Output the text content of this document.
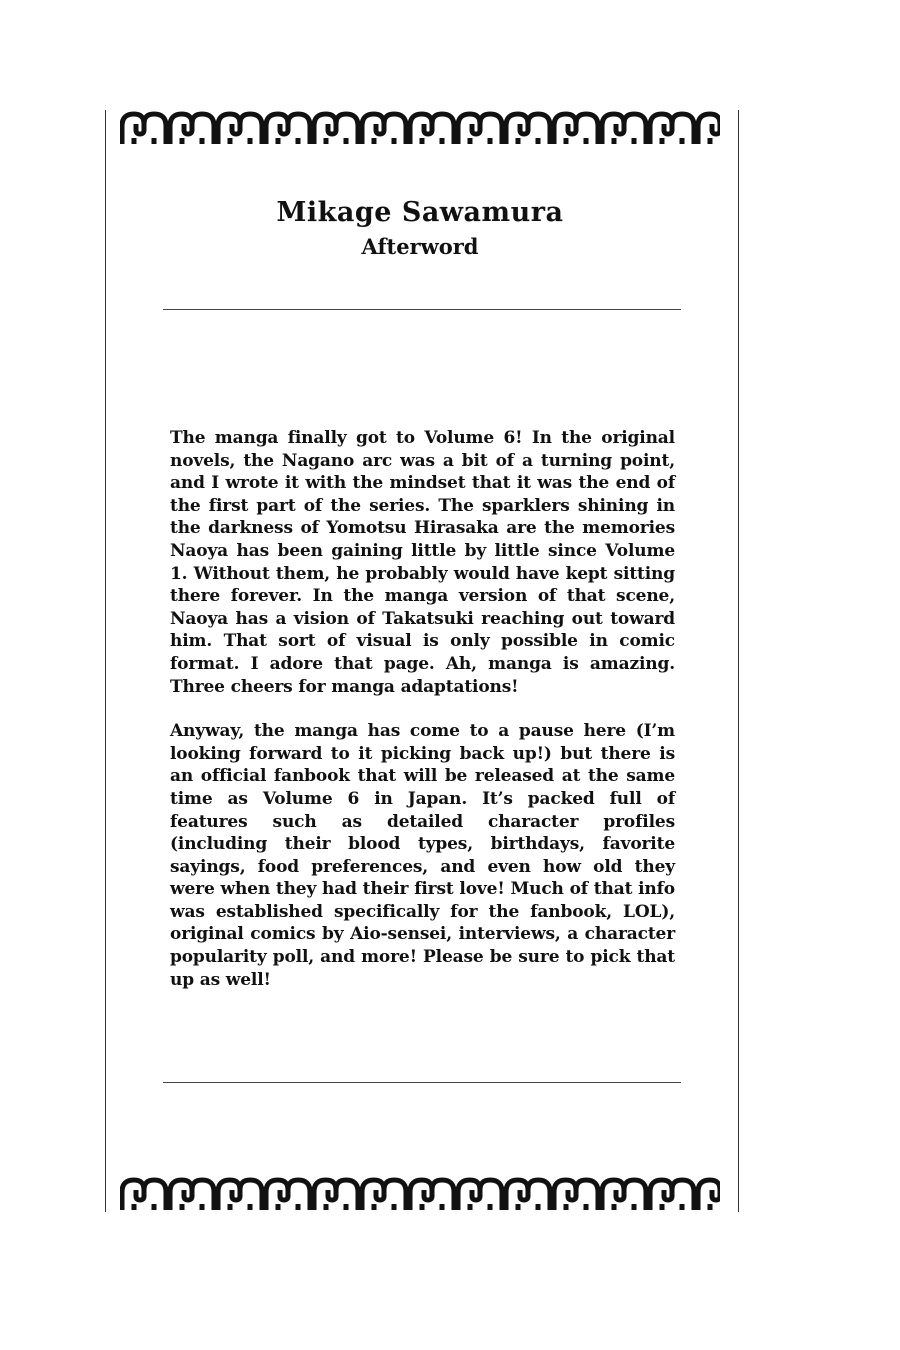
Mikage Sawamura
Afterword

The manga finally got to Volume 6! In the original novels, the Nagano arc was a bit of a turning point, and I wrote it with the mindset that it was the end of the first part of the series. The sparklers shining in the darkness of Yomotsu Hirasaka are the memories Naoya has been gaining little by little since Volume 1. Without them, he probably would have kept sitting there forever. In the manga version of that scene, Naoya has a vision of Takatsuki reaching out toward him. That sort of visual is only possible in comic format. I adore that page. Ah, manga is amazing. Three cheers for manga adaptations!

Anyway, the manga has come to a pause here (I’m looking forward to it picking back up!) but there is an official fanbook that will be released at the same time as Volume 6 in Japan. It’s packed full of features such as detailed character profiles (including their blood types, birthdays, favorite sayings, food preferences, and even how old they were when they had their first love! Much of that info was established specifically for the fanbook, LOL), original comics by Aio-sensei, interviews, a character popularity poll, and more! Please be sure to pick that up as well!
